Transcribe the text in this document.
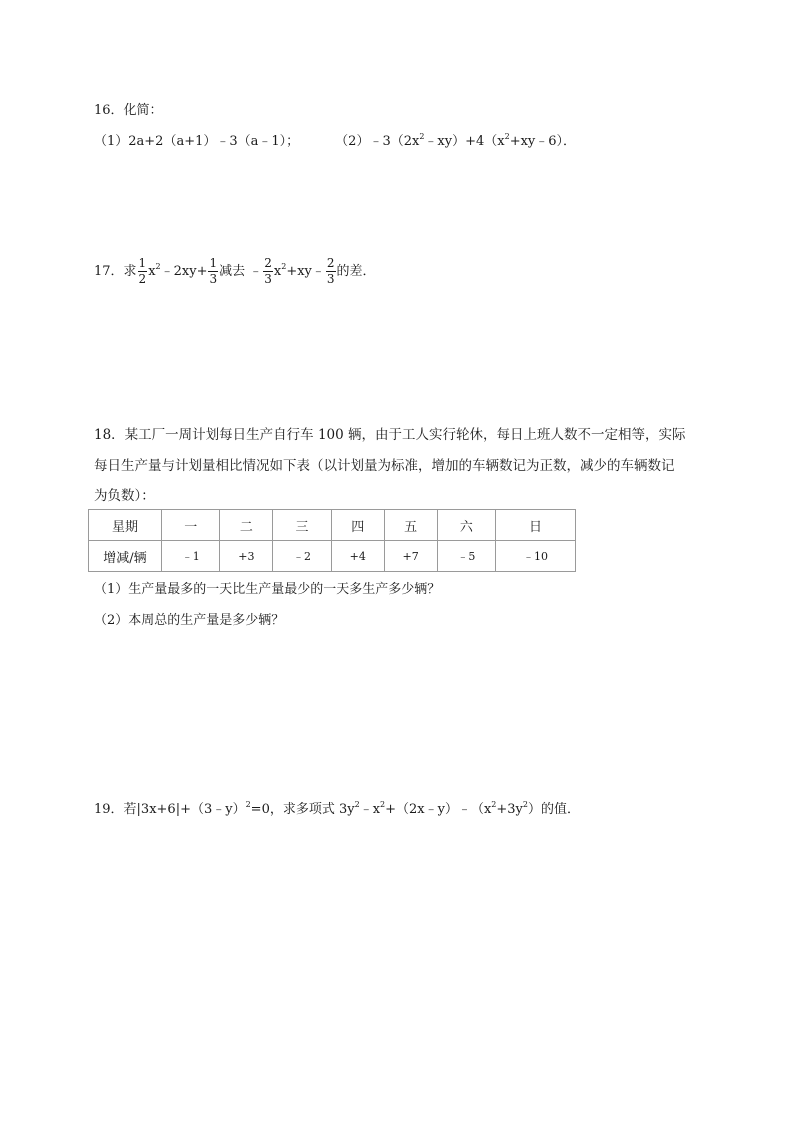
16．化简：
（1）2a+2（a+1）﹣3（a﹣1）；	$(2)﹣3(2x^2﹣xy)+4(x^2+xy﹣6)$．
17．求 $\frac{1}{2}$ $x^2﹣2xy+ \frac{1}{3}$ 减去 ﹣ $\frac{2}{3}$ $x^2+xy﹣ \frac{2}{3}$ 的差．
18．某工厂一周计划每日生产自行车 100 辆，由于工人实行轮休，每日上班人数不一定相等，实际
每日生产量与计划量相比情况如下表（以计划量为标准，增加的车辆数记为正数，减少的车辆数记
为负数）：
星期	一	二	三	四	五	六	日
增减/辆	﹣1	+3	﹣2	+4	+7	﹣5	﹣10
（1）生产量最多的一天比生产量最少的一天多生产多少辆？
（2）本周总的生产量是多少辆？
19．若|3x+6|+（3﹣y）$^2$=0，求多项式 $3y^2﹣x^2+(2x﹣y)﹣(x^2+3y^2)$的值．
